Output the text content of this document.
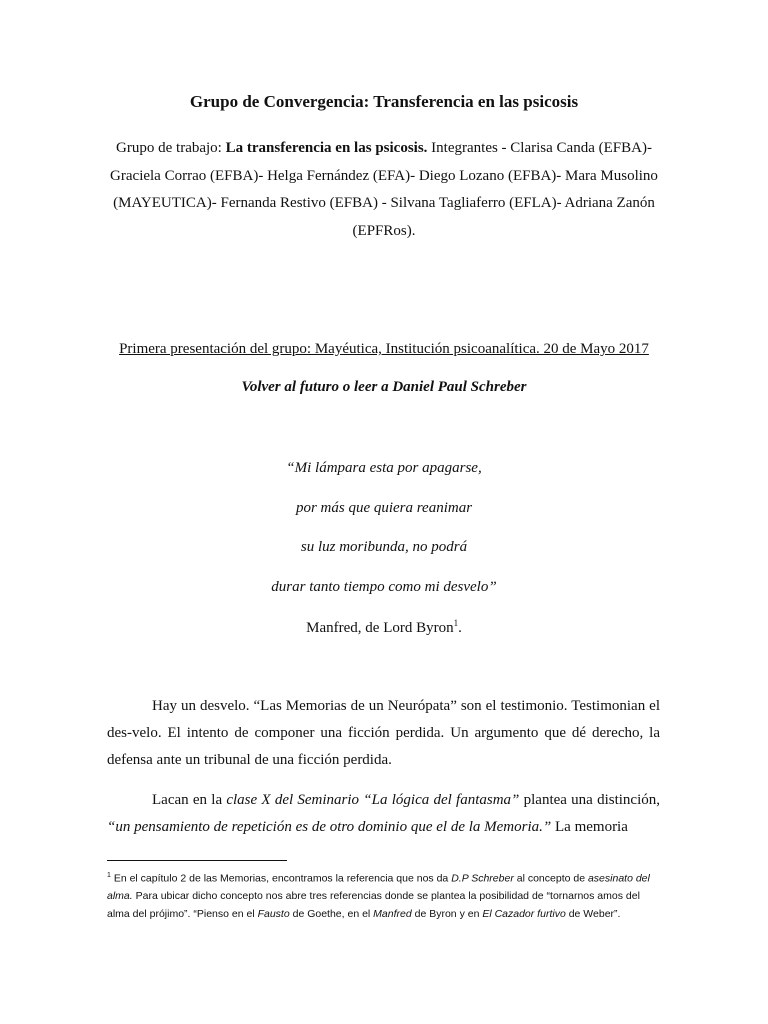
Grupo de Convergencia: Transferencia en las psicosis
Grupo de trabajo: La transferencia en las psicosis. Integrantes - Clarisa Canda (EFBA)- Graciela Corrao (EFBA)- Helga Fernández (EFA)- Diego Lozano (EFBA)- Mara Musolino (MAYEUTICA)- Fernanda Restivo (EFBA) - Silvana Tagliaferro (EFLA)- Adriana Zanón (EPFRos).
Primera presentación del grupo: Mayéutica, Institución psicoanalítica. 20 de Mayo 2017
Volver al futuro o leer a Daniel Paul Schreber
“Mi lámpara esta por apagarse,
por más que quiera reanimar
su luz moribunda, no podrá
durar tanto tiempo como mi desvelo”
Manfred, de Lord Byron$^1$.
Hay un desvelo. “Las Memorias de un Neurópata” son el testimonio. Testimonian el des-velo. El intento de componer una ficción perdida. Un argumento que dé derecho, la defensa ante un tribunal de una ficción perdida.
Lacan en la clase X del Seminario “La lógica del fantasma” plantea una distinción, “un pensamiento de repetición es de otro dominio que el de la Memoria.” La memoria
$^1$ En el capítulo 2 de las Memorias, encontramos la referencia que nos da D.P Schreber al concepto de asesinato del alma. Para ubicar dicho concepto nos abre tres referencias donde se plantea la posibilidad de “tornarnos amos del alma del prójimo”. “Pienso en el Fausto de Goethe, en el Manfred de Byron y en El Cazador furtivo de Weber”.
